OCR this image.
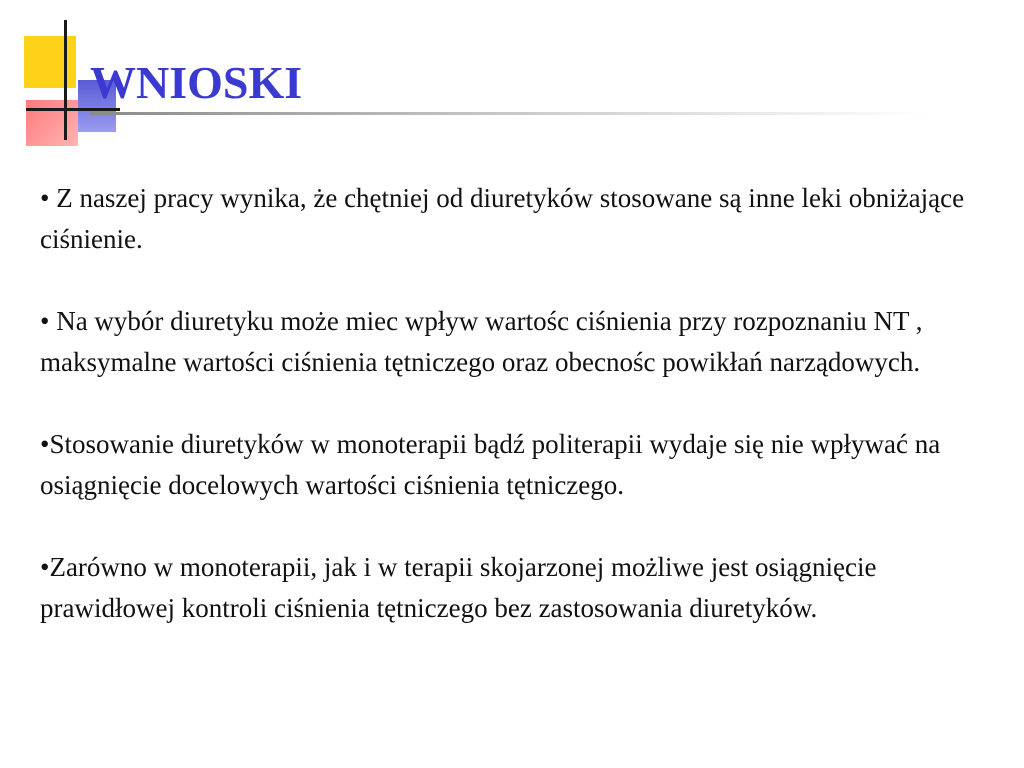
WNIOSKI

• Z naszej pracy wynika, że chętniej od diuretyków stosowane są inne leki obniżające ciśnienie.

• Na wybór diuretyku może miec wpływ wartośc ciśnienia przy rozpoznaniu NT , maksymalne wartości ciśnienia tętniczego oraz obecnośc powikłań narządowych.

•Stosowanie diuretyków w monoterapii bądź politerapii wydaje się nie wpływać na osiągnięcie docelowych wartości ciśnienia tętniczego.

•Zarówno w monoterapii, jak i w terapii skojarzonej możliwe jest osiągnięcie prawidłowej kontroli ciśnienia tętniczego bez zastosowania diuretyków.
